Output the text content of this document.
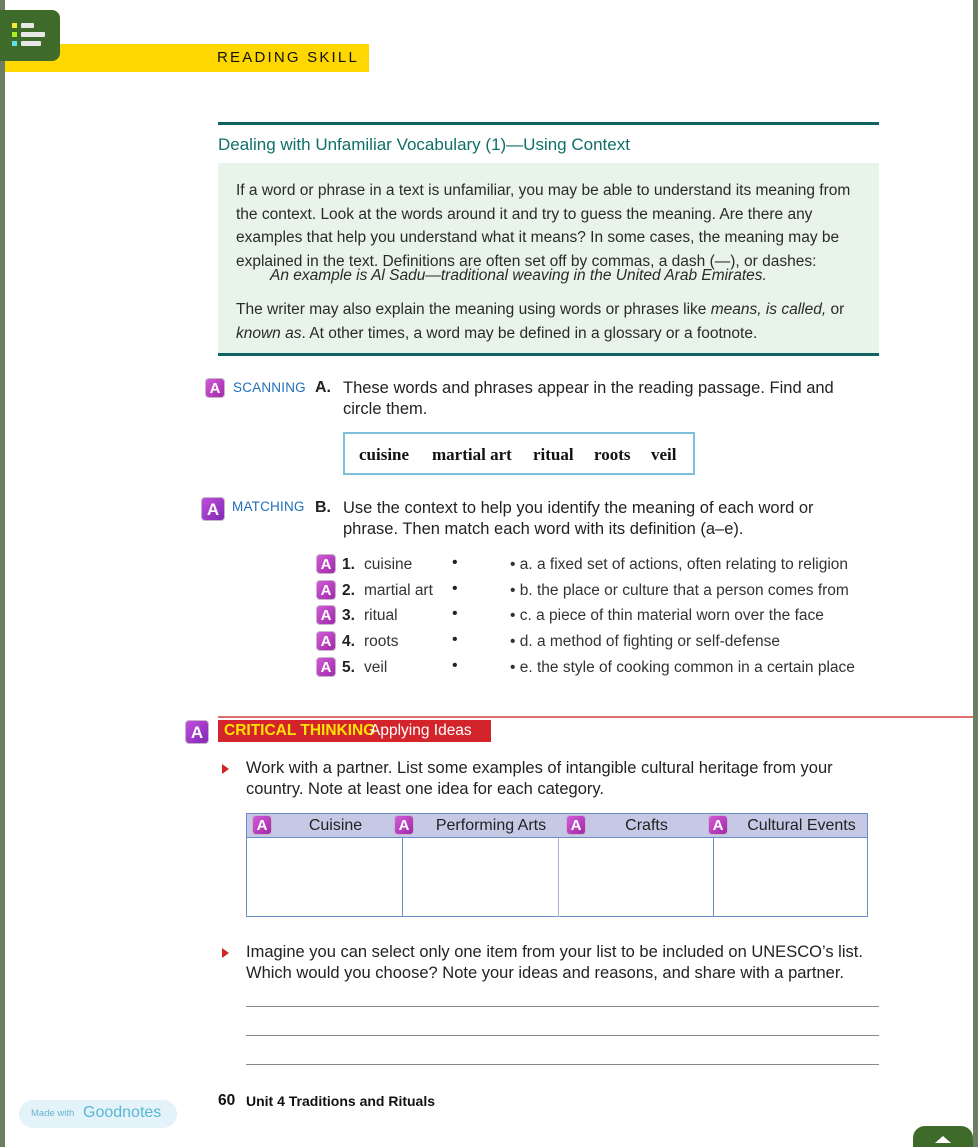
READING SKILL
Dealing with Unfamiliar Vocabulary (1)—Using Context

If a word or phrase in a text is unfamiliar, you may be able to understand its meaning from the context. Look at the words around it and try to guess the meaning. Are there any examples that help you understand what it means? In some cases, the meaning may be explained in the text. Definitions are often set off by commas, a dash (—), or dashes:

An example is Al Sadu—traditional weaving in the United Arab Emirates.

The writer may also explain the meaning using words or phrases like means, is called, or known as. At other times, a word may be defined in a glossary or a footnote.

A SCANNING A. These words and phrases appear in the reading passage. Find and
circle them.
cuisine martial art ritual roots veil
A MATCHING B. Use the context to help you identify the meaning of each word or
phrase. Then match each word with its definition (a–e).
A 1. cuisine •	• a. a fixed set of actions, often relating to religion
A 2. martial art •	• b. the place or culture that a person comes from
A 3. ritual	•	• c. a piece of thin material worn over the face
A 4. roots	•	• d. a method of fighting or self-defense
A 5. veil	•	• e. the style of cooking common in a certain place
A	CRITICAL THINKING
Applying Ideas
Work with a partner. List some examples of intangible cultural heritage from your
country. Note at least one idea for each category.
Cuisine	Performing Arts	Crafts	Cultural Events
A	A	A	A
Imagine you can select only one item from your list to be included on UNESCO’s list.
Which would you choose? Note your ideas and reasons, and share with a partner.
60 Unit 4 Traditions and Rituals
Made with Goodnotes
